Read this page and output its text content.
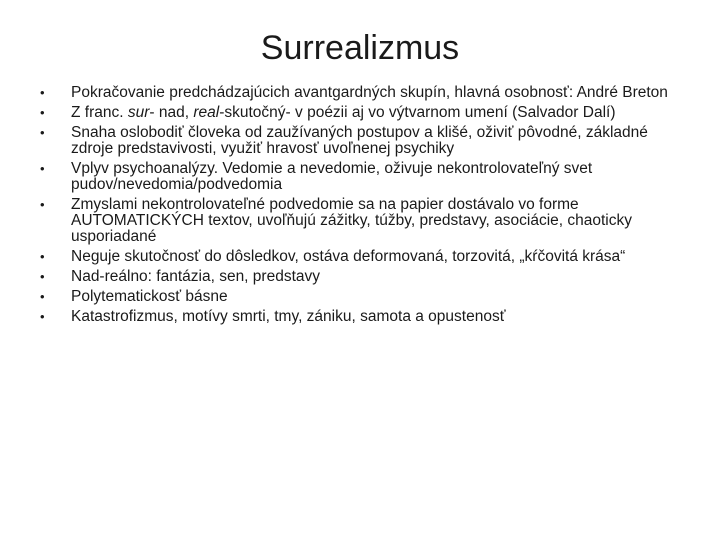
Surrealizmus
• Pokračovanie predchádzajúcich avantgardných skupín, hlavná osobnosť: André Breton
• Z franc. sur- nad, real-skutočný- v poézii aj vo výtvarnom umení (Salvador Dalí)
• Snaha oslobodiť človeka od zaužívaných postupov a klišé, oživiť pôvodné, základné zdroje predstavivosti, využiť hravosť uvoľnenej psychiky
• Vplyv psychoanalýzy. Vedomie a nevedomie, oživuje nekontrolovateľný svet pudov/nevedomia/podvedomia
• Zmyslami nekontrolovateľné podvedomie sa na papier dostávalo vo forme AUTOMATICKÝCH textov, uvoľňujú zážitky, túžby, predstavy, asociácie, chaoticky usporiadané
• Neguje skutočnosť do dôsledkov, ostáva deformovaná, torzovitá, „kŕčovitá krása“
• Nad-reálno: fantázia, sen, predstavy
• Polytematickosť básne
• Katastrofizmus, motívy smrti, tmy, zániku, samota a opustenosť
